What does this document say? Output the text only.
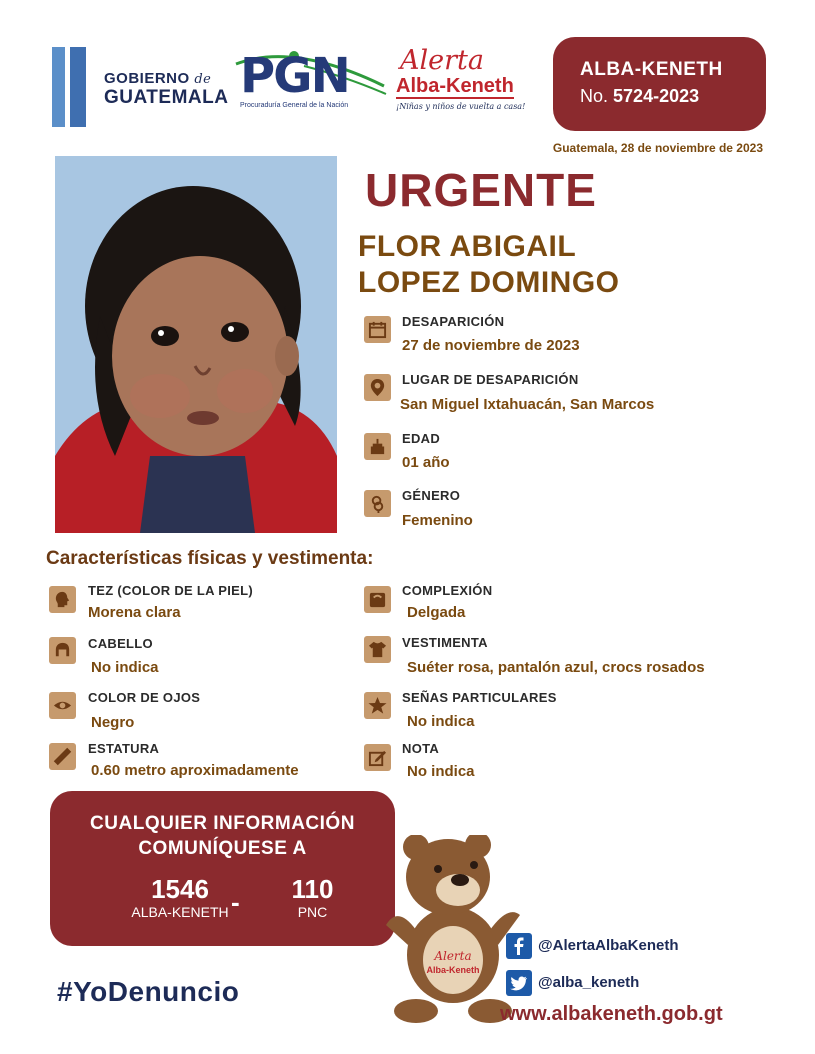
GOBIERNO de
GUATEMALA PGN
Procuraduría General de la Nación
Alerta
Alba-Keneth
¡Niñas y niños de vuelta a casa!
ALBA-KENETH
No. 5724-2023
Guatemala, 28 de noviembre de 2023
URGENTE
FLOR ABIGAIL
LOPEZ DOMINGO
DESAPARICIÓN
27 de noviembre de 2023
LUGAR DE DESAPARICIÓN
San Miguel Ixtahuacán, San Marcos
EDAD
01 año
GÉNERO
Femenino
Características físicas y vestimenta:
TEZ (COLOR DE LA PIEL)
Morena clara
CABELLO
No indica
COLOR DE OJOS
Negro
ESTATURA
0.60 metro aproximadamente
COMPLEXIÓN
Delgada
VESTIMENTA
Suéter rosa, pantalón azul, crocs rosados
SEÑAS PARTICULARES
No indica
NOTA
No indica
CUALQUIER INFORMACIÓN
COMUNÍQUESE A
1546
ALBA-KENETH -	110
PNC
#YoDenuncio
Alerta
Alba-Keneth
@AlertaAlbaKeneth
@alba_keneth
www.albakeneth.gob.gt
